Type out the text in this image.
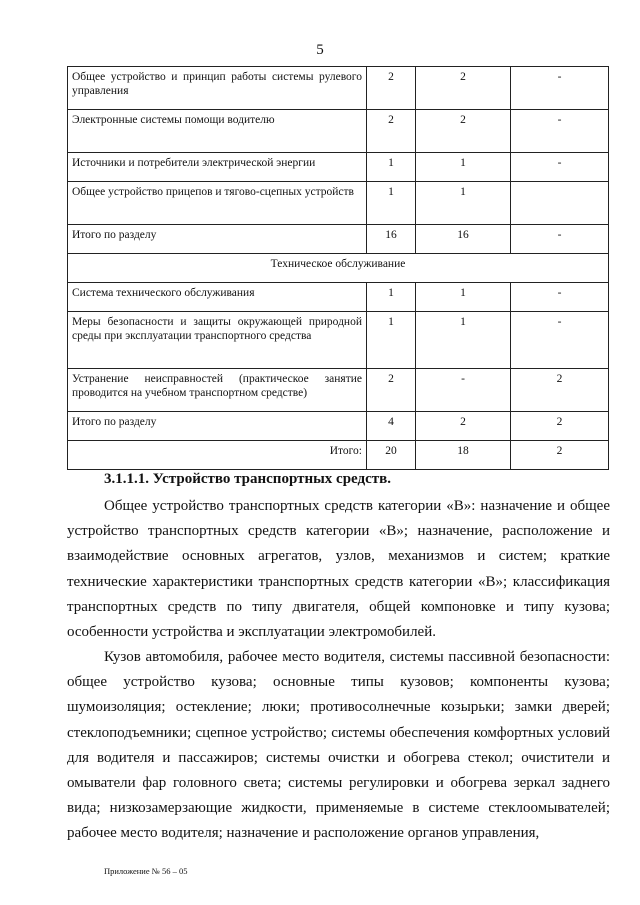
5
Общее устройство и принцип работы системы рулевого управления	2	2	-
Электронные системы помощи водителю	2	2	-
Источники и потребители электрической энергии	1	1	-
Общее устройство прицепов и тягово-сцепных устройств	1	1	
Итого по разделу	16	16	-
Техническое обслуживание			
Система технического обслуживания	1	1	-
Меры безопасности и защиты окружающей природной среды при эксплуатации транспортного средства	1	1	-
Устранение неисправностей (практическое занятие проводится на учебном транспортном средстве)	2	-	2
Итого по разделу	4	2	2
Итого:	20	18	2
3.1.1.1. Устройство транспортных средств.
Общее устройство транспортных средств категории «В»: назначение и общее устройство транспортных средств категории «В»; назначение, расположение и взаимодействие основных агрегатов, узлов, механизмов и систем; краткие технические характеристики транспортных средств категории «В»; классификация транспортных средств по типу двигателя, общей компоновке и типу кузова; особенности устройства и эксплуатации электромобилей.
Кузов автомобиля, рабочее место водителя, системы пассивной безопасности: общее устройство кузова; основные типы кузовов; компоненты кузова; шумоизоляция; остекление; люки; противосолнечные козырьки; замки дверей; стеклоподъемники; сцепное устройство; системы обеспечения комфортных условий для водителя и пассажиров; системы очистки и обогрева стекол; очистители и омыватели фар головного света; системы регулировки и обогрева зеркал заднего вида; низкозамерзающие жидкости, применяемые в системе стеклоомывателей; рабочее место водителя; назначение и расположение органов управления,
Приложение № 56 – 05
